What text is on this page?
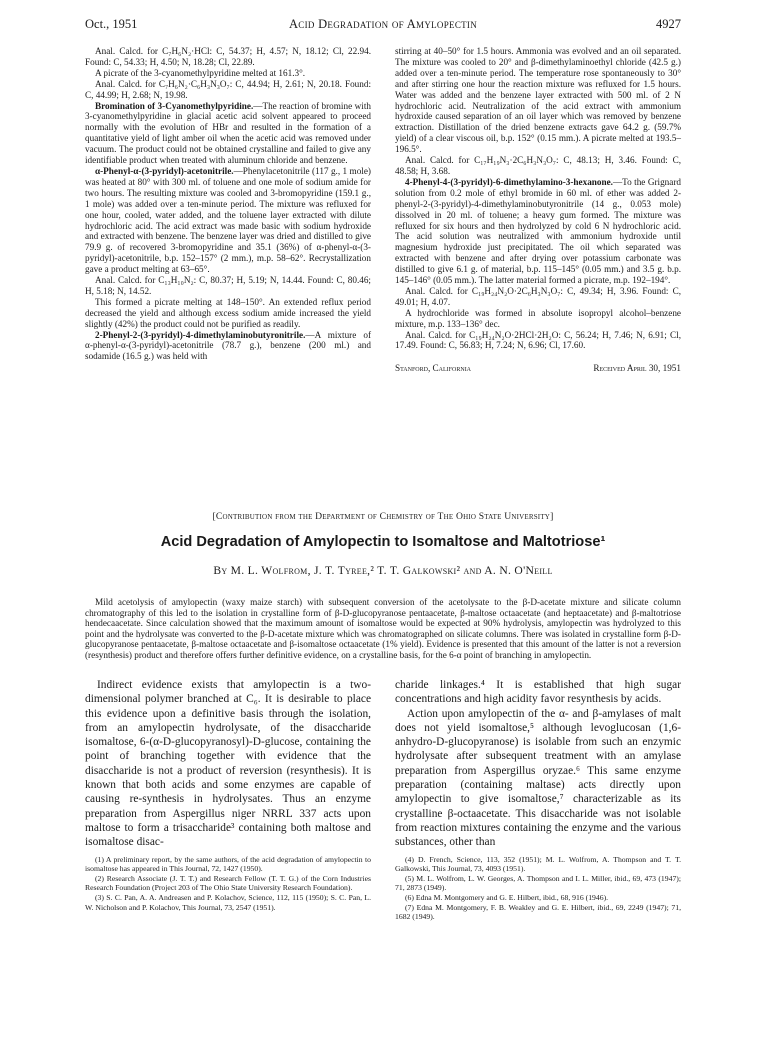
Oct., 1951	Acid Degradation of Amylopectin	4927

Anal. Calcd. for C₇H₆N₂·HCl: C, 54.37; H, 4.57; N, 18.12; Cl, 22.94. Found: C, 54.33; H, 4.50; N, 18.28; Cl, 22.89.

A picrate of the 3-cyanomethylpyridine melted at 161.3°.

Anal. Calcd. for C₇H₆N₂·C₆H₃N₃O₇: C, 44.94; H, 2.61; N, 20.18. Found: C, 44.99; H, 2.68; N, 19.98.

Bromination of 3-Cyanomethylpyridine.—The reaction of bromine with 3-cyanomethylpyridine in glacial acetic acid solvent appeared to proceed normally with the evolution of HBr and resulted in the formation of a quantitative yield of light amber oil when the acetic acid was removed under vacuum. The product could not be obtained crystalline and failed to give any identifiable product when treated with aluminum chloride and benzene.

α-Phenyl-α-(3-pyridyl)-acetonitrile.—Phenylacetonitrile (117 g., 1 mole) was heated at 80° with 300 ml. of toluene and one mole of sodium amide for two hours. The resulting mixture was cooled and 3-bromopyridine (159.1 g., 1 mole) was added over a ten-minute period. The mixture was refluxed for one hour, cooled, water added, and the toluene layer extracted with dilute hydrochloric acid. The acid extract was made basic with sodium hydroxide and extracted with benzene. The benzene layer was dried and distilled to give 79.9 g. of recovered 3-bromopyridine and 35.1 (36%) of α-phenyl-α-(3-pyridyl)-acetonitrile, b.p. 152–157° (2 mm.), m.p. 58–62°. Recrystallization gave a product melting at 63–65°.

Anal. Calcd. for C₁₃H₁₀N₂: C, 80.37; H, 5.19; N, 14.44. Found: C, 80.46; H, 5.18; N, 14.52.

This formed a picrate melting at 148–150°. An extended reflux period decreased the yield and although excess sodium amide increased the yield slightly (42%) the product could not be purified as readily.

2-Phenyl-2-(3-pyridyl)-4-dimethylaminobutyronitrile.—A mixture of α-phenyl-α-(3-pyridyl)-acetonitrile (78.7 g.), benzene (200 ml.) and sodamide (16.5 g.) was held with

stirring at 40–50° for 1.5 hours. Ammonia was evolved and an oil separated. The mixture was cooled to 20° and β-dimethylaminoethyl chloride (42.5 g.) added over a ten-minute period. The temperature rose spontaneously to 30° and after stirring one hour the reaction mixture was refluxed for 1.5 hours. Water was added and the benzene layer extracted with 500 ml. of 2 N hydrochloric acid. Neutralization of the acid extract with ammonium hydroxide caused separation of an oil layer which was removed by benzene extraction. Distillation of the dried benzene extracts gave 64.2 g. (59.7% yield) of a clear viscous oil, b.p. 152° (0.15 mm.). A picrate melted at 193.5–196.5°.

Anal. Calcd. for C₁₇H₁₉N₃·2C₆H₃N₃O₇: C, 48.13; H, 3.46. Found: C, 48.58; H, 3.68.

4-Phenyl-4-(3-pyridyl)-6-dimethylamino-3-hexanone.—To the Grignard solution from 0.2 mole of ethyl bromide in 60 ml. of ether was added 2-phenyl-2-(3-pyridyl)-4-dimethylaminobutyronitrile (14 g., 0.053 mole) dissolved in 20 ml. of toluene; a heavy gum formed. The mixture was refluxed for six hours and then hydrolyzed by cold 6 N hydrochloric acid. The acid solution was neutralized with ammonium hydroxide until magnesium hydroxide just precipitated. The oil which separated was extracted with benzene and after drying over potassium carbonate was distilled to give 6.1 g. of material, b.p. 115–145° (0.05 mm.) and 3.5 g. b.p. 145–146° (0.05 mm.). The latter material formed a picrate, m.p. 192–194°.

Anal. Calcd. for C₁₉H₂₄N₂O·2C₆H₃N₃O₇: C, 49.34; H, 3.96. Found: C, 49.01; H, 4.07.

A hydrochloride was formed in absolute isopropyl alcohol–benzene mixture, m.p. 133–136° dec.

Anal. Calcd. for C₁₉H₂₄N₂O·2HCl·2H₂O: C, 56.24; H, 7.46; N, 6.91; Cl, 17.49. Found: C, 56.83; H, 7.24; N, 6.96; Cl, 17.60.

Stanford, California	Received April 30, 1951
[Contribution from the Department of Chemistry of The Ohio State University]
Acid Degradation of Amylopectin to Isomaltose and Maltotriose¹
By M. L. Wolfrom, J. T. Tyree,² T. T. Galkowski² and A. N. O'Neill
Mild acetolysis of amylopectin (waxy maize starch) with subsequent conversion of the acetolysate to the β-D-acetate mixture and silicate column chromatography of this led to the isolation in crystalline form of β-D-glucopyranose pentaacetate, β-maltose octaacetate (and heptaacetate) and β-maltotriose hendecaacetate. Since calculation showed that the maximum amount of isomaltose would be expected at 90% hydrolysis, amylopectin was hydrolyzed to this point and the hydrolysate was converted to the β-D-acetate mixture which was chromatographed on silicate columns. There was isolated in crystalline form β-D-glucopyranose pentaacetate, β-maltose octaacetate and β-isomaltose octaacetate (1% yield). Evidence is presented that this amount of the latter is not a reversion (resynthesis) product and therefore offers further definitive evidence, on a crystalline basis, for the 6-α point of branching in amylopectin.

Indirect evidence exists that amylopectin is a two-dimensional polymer branched at C₆. It is desirable to place this evidence upon a definitive basis through the isolation, from an amylopectin hydrolysate, of the disaccharide isomaltose, 6-(α-D-glucopyranosyl)-D-glucose, containing the point of branching together with evidence that the disaccharide is not a product of reversion (resynthesis). It is known that both acids and some enzymes are capable of causing re-synthesis in hydrolysates. Thus an enzyme preparation from Aspergillus niger NRRL 337 acts upon maltose to form a trisaccharide³ containing both maltose and isomaltose disac-

(1) A preliminary report, by the same authors, of the acid degradation of amylopectin to isomaltose has appeared in This Journal, 72, 1427 (1950).

(2) Research Associate (J. T. T.) and Research Fellow (T. T. G.) of the Corn Industries Research Foundation (Project 203 of The Ohio State University Research Foundation).

(3) S. C. Pan, A. A. Andreasen and P. Kolachov, Science, 112, 115 (1950); S. C. Pan, L. W. Nicholson and P. Kolachov, This Journal, 73, 2547 (1951).

charide linkages.⁴ It is established that high sugar concentrations and high acidity favor resynthesis by acids.

Action upon amylopectin of the α- and β-amylases of malt does not yield isomaltose,⁵ although levoglucosan (1,6-anhydro-D-glucopyranose) is isolable from such an enzymic hydrolysate after subsequent treatment with an amylase preparation from Aspergillus oryzae.⁶ This same enzyme preparation (containing maltase) acts directly upon amylopectin to give isomaltose,⁷ characterizable as its crystalline β-octaacetate. This disaccharide was not isolable from reaction mixtures containing the enzyme and the various substances, other than

(4) D. French, Science, 113, 352 (1951); M. L. Wolfrom, A. Thompson and T. T. Galkowski, This Journal, 73, 4093 (1951).

(5) M. L. Wolfrom, L. W. Georges, A. Thompson and I. L. Miller, ibid., 69, 473 (1947); 71, 2873 (1949).

(6) Edna M. Montgomery and G. E. Hilbert, ibid., 68, 916 (1946).

(7) Edna M. Montgomery, F. B. Weakley and G. E. Hilbert, ibid., 69, 2249 (1947); 71, 1682 (1949).
